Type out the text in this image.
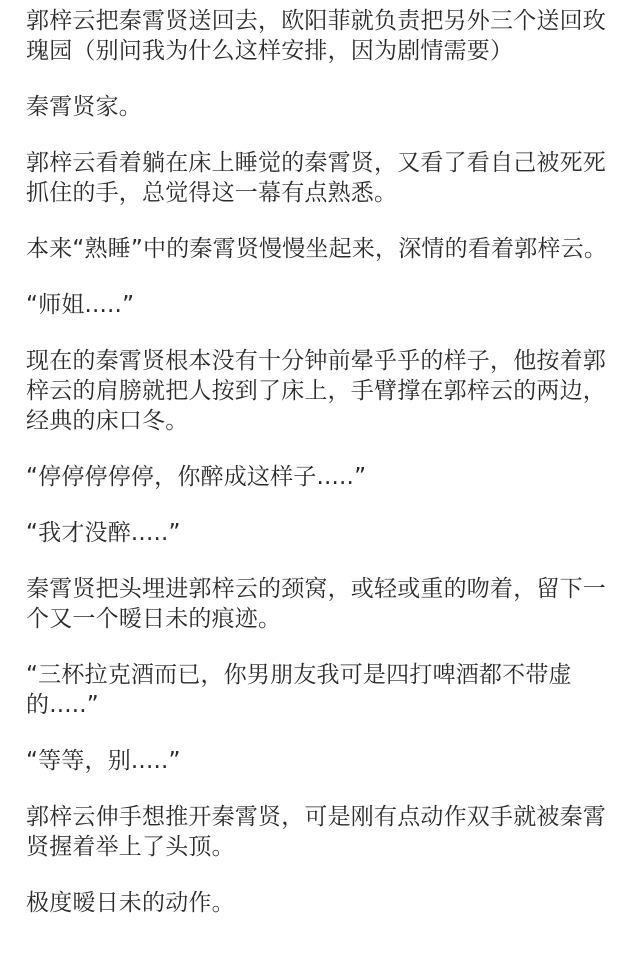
郭梓云把秦霄贤送回去，欧阳菲就负责把另外三个送回玫瑰园（别问我为什么这样安排，因为剧情需要）

秦霄贤家。

郭梓云看着躺在床上睡觉的秦霄贤，又看了看自己被死死抓住的手，总觉得这一幕有点熟悉。

本来“熟睡”中的秦霄贤慢慢坐起来，深情的看着郭梓云。

“师姐.....”

现在的秦霄贤根本没有十分钟前晕乎乎的样子，他按着郭梓云的肩膀就把人按到了床上，手臂撑在郭梓云的两边，经典的床口冬。

“停停停停停，你醉成这样子.....”

“我才没醉.....”

秦霄贤把头埋进郭梓云的颈窝，或轻或重的吻着，留下一个又一个暧日未的痕迹。

“三杯拉克酒而已，你男朋友我可是四打啤酒都不带虚的.....”

“等等，别.....”

郭梓云伸手想推开秦霄贤，可是刚有点动作双手就被秦霄贤握着举上了头顶。

极度暧日未的动作。
